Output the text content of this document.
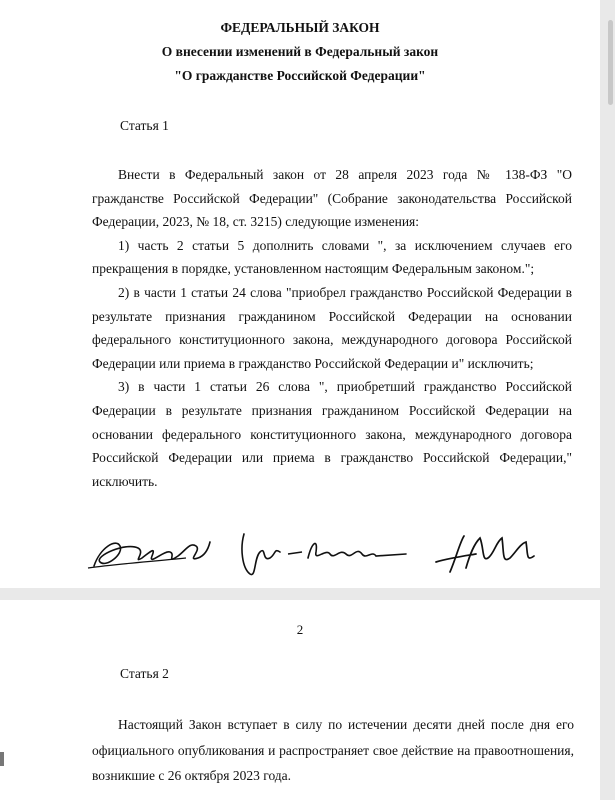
ФЕДЕРАЛЬНЫЙ ЗАКОН
О внесении изменений в Федеральный закон
"О гражданстве Российской Федерации"
Статья 1

Внести в Федеральный закон от 28 апреля 2023 года № 138-ФЗ "О гражданстве Российской Федерации" (Собрание законодательства Российской Федерации, 2023, № 18, ст. 3215) следующие изменения:

1) часть 2 статьи 5 дополнить словами ", за исключением случаев его прекращения в порядке, установленном настоящим Федеральным законом.";

2) в части 1 статьи 24 слова "приобрел гражданство Российской Федерации в результате признания гражданином Российской Федерации на основании федерального конституционного закона, международного договора Российской Федерации или приема в гражданство Российской Федерации и" исключить;

3) в части 1 статьи 26 слова ", приобретший гражданство Российской Федерации в результате признания гражданином Российской Федерации на основании федерального конституционного закона, международного договора Российской Федерации или приема в гражданство Российской Федерации," исключить.

2
Статья 2

Настоящий Закон вступает в силу по истечении десяти дней после дня его официального опубликования и распространяет свое действие на правоотношения, возникшие с 26 октября 2023 года.
